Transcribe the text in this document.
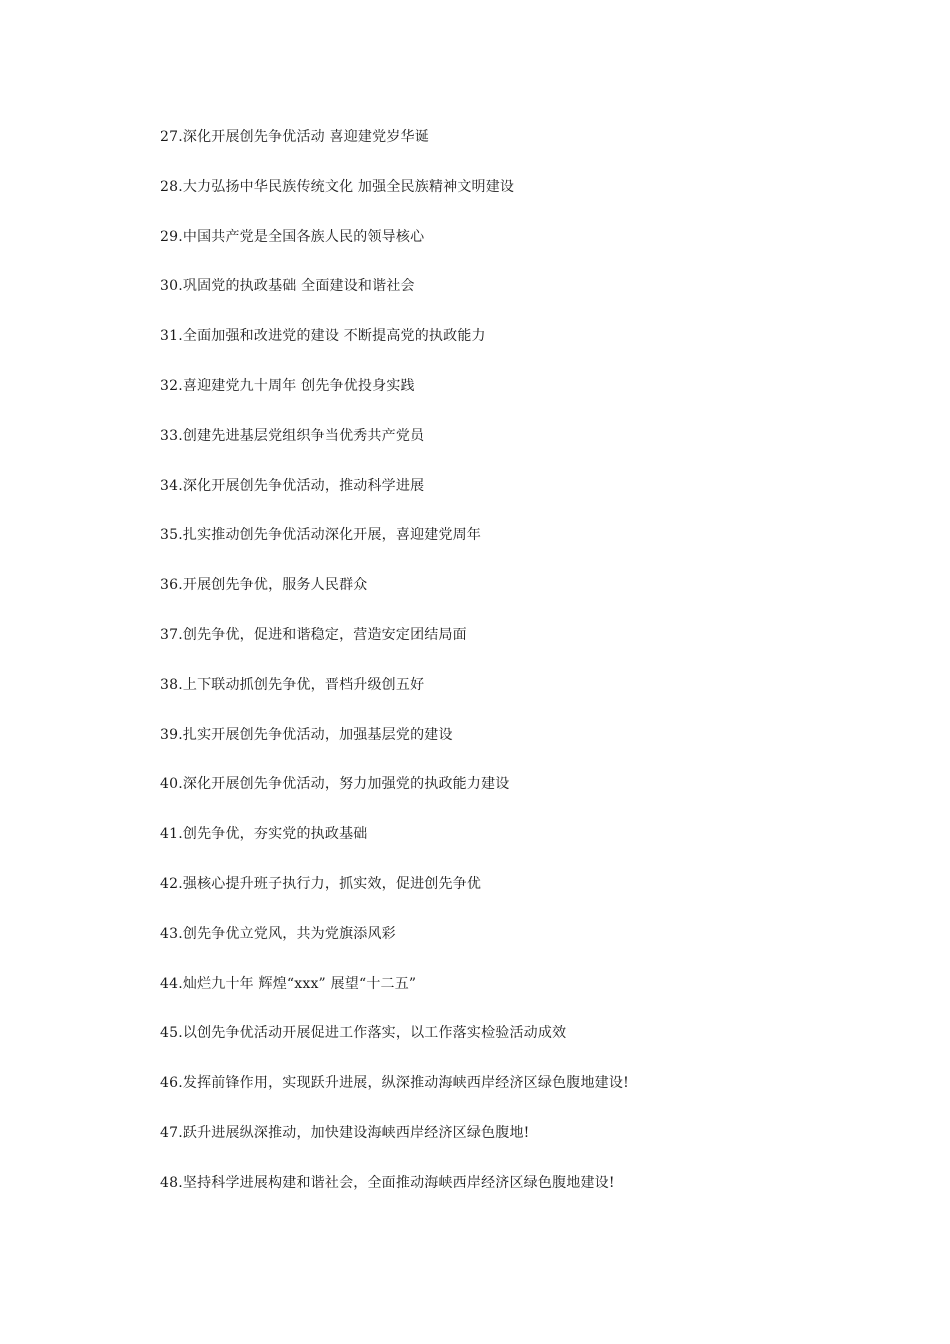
27.深化开展创先争优活动 喜迎建党岁华诞
28.大力弘扬中华民族传统文化 加强全民族精神文明建设
29.中国共产党是全国各族人民的领导核心
30.巩固党的执政基础 全面建设和谐社会
31.全面加强和改进党的建设 不断提高党的执政能力
32.喜迎建党九十周年 创先争优投身实践
33.创建先进基层党组织争当优秀共产党员
34.深化开展创先争优活动，推动科学进展
35.扎实推动创先争优活动深化开展，喜迎建党周年
36.开展创先争优，服务人民群众
37.创先争优，促进和谐稳定，营造安定团结局面
38.上下联动抓创先争优，晋档升级创五好
39.扎实开展创先争优活动，加强基层党的建设
40.深化开展创先争优活动，努力加强党的执政能力建设
41.创先争优，夯实党的执政基础
42.强核心提升班子执行力，抓实效，促进创先争优
43.创先争优立党风，共为党旗添风彩
44.灿烂九十年 辉煌“xxx” 展望“十二五”
45.以创先争优活动开展促进工作落实，以工作落实检验活动成效
46.发挥前锋作用，实现跃升进展，纵深推动海峡西岸经济区绿色腹地建设!
47.跃升进展纵深推动，加快建设海峡西岸经济区绿色腹地!
48.坚持科学进展构建和谐社会，全面推动海峡西岸经济区绿色腹地建设!
